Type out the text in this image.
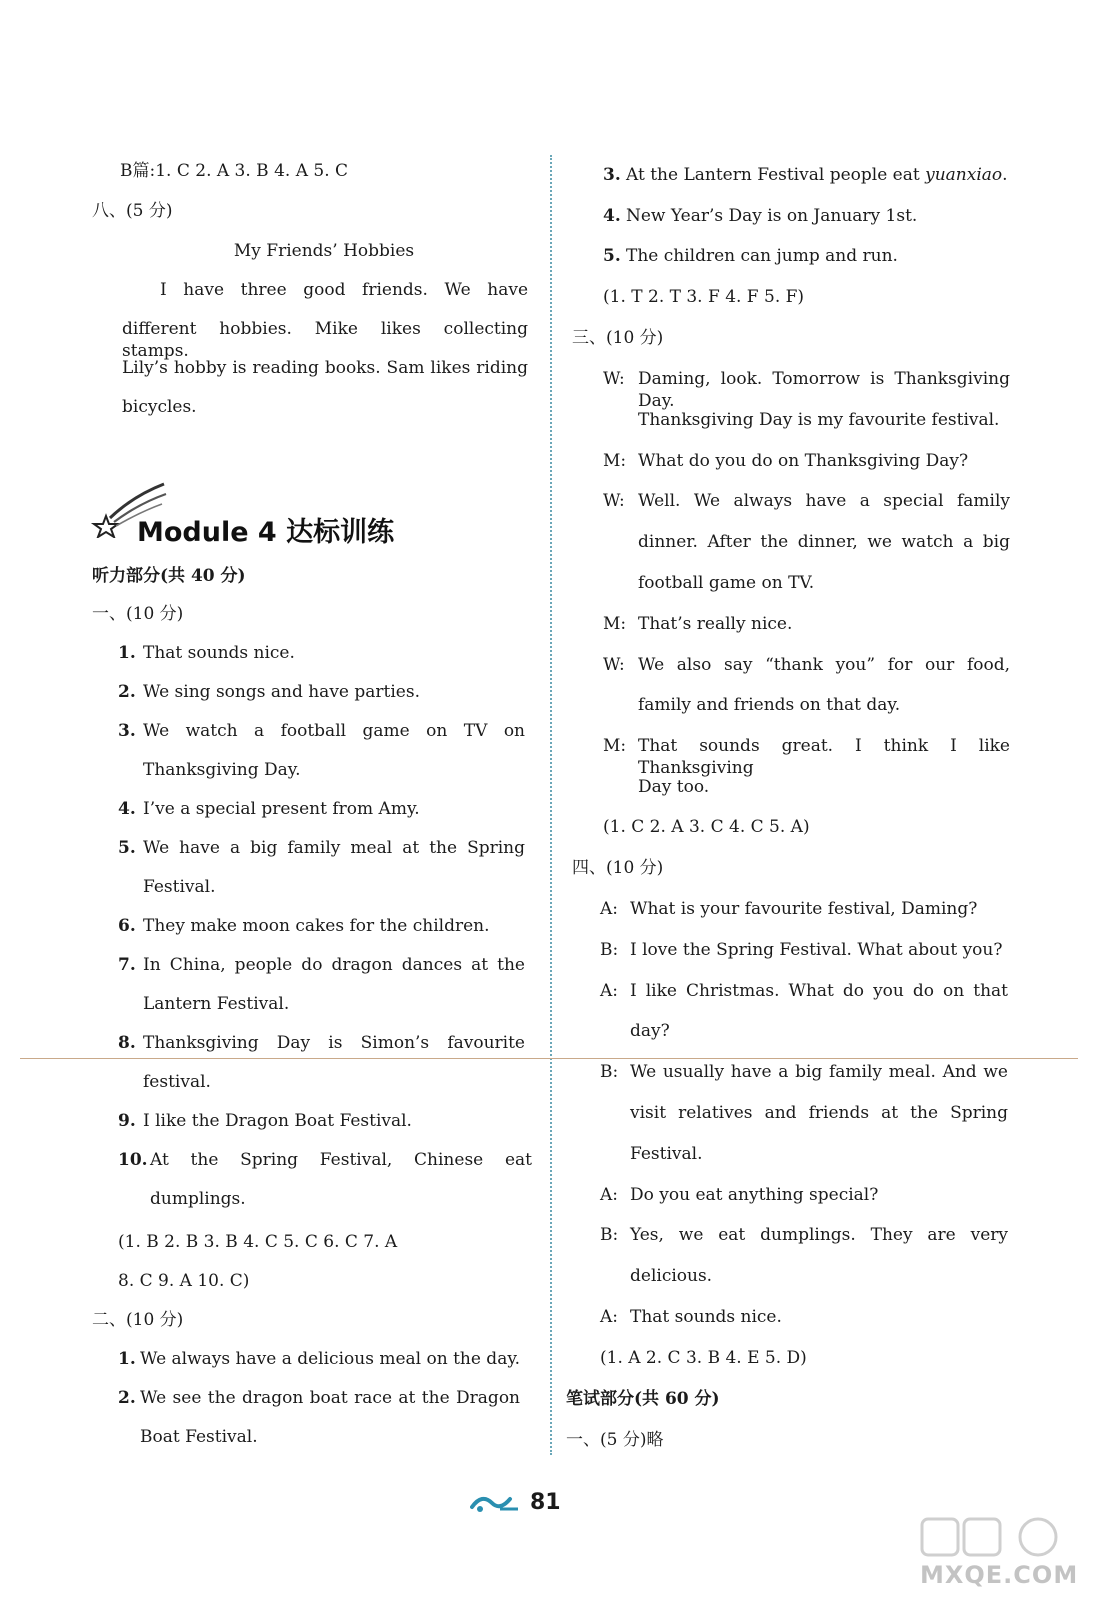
Module 4 达标训练
81
MXQE.COM
B篇:1. C 2. A 3. B 4. A 5. C
八、(5 分)
My Friends’ Hobbies
I have three good friends. We have
different hobbies. Mike likes collecting stamps.
Lily’s hobby is reading books. Sam likes riding
bicycles.
听力部分(共 40 分)
一、(10 分)
1. That sounds nice.
2. We sing songs and have parties.
3. We watch a football game on TV on
Thanksgiving Day.
4. I’ve a special present from Amy.
5. We have a big family meal at the Spring
Festival.
6. They make moon cakes for the children.
7. In China, people do dragon dances at the
Lantern Festival.
8. Thanksgiving Day is Simon’s favourite
festival.
9. I like the Dragon Boat Festival.
10. At the Spring Festival, Chinese eat
dumplings.
(1. B 2. B 3. B 4. C 5. C 6. C 7. A
8. C 9. A 10. C)
二、(10 分)
1. We always have a delicious meal on the day.
2. We see the dragon boat race at the Dragon
Boat Festival.
3. At the Lantern Festival people eat yuanxiao.
4. New Year’s Day is on January 1st.
5. The children can jump and run.
(1. T 2. T 3. F 4. F 5. F)
三、(10 分)
W: Daming, look. Tomorrow is Thanksgiving Day.
Thanksgiving Day is my favourite festival.
M: What do you do on Thanksgiving Day?
W: Well. We always have a special family
dinner. After the dinner, we watch a big
football game on TV.
M: That’s really nice.
W: We also say “thank you” for our food,
family and friends on that day.
M: That sounds great. I think I like Thanksgiving
Day too.
(1. C 2. A 3. C 4. C 5. A)
四、(10 分)
A: What is your favourite festival, Daming?
B: I love the Spring Festival. What about you?
A: I like Christmas. What do you do on that
day?
B: We usually have a big family meal. And we
visit relatives and friends at the Spring
Festival.
A: Do you eat anything special?
B: Yes, we eat dumplings. They are very
delicious.
A: That sounds nice.
(1. A 2. C 3. B 4. E 5. D)
笔试部分(共 60 分)
一、(5 分)略
